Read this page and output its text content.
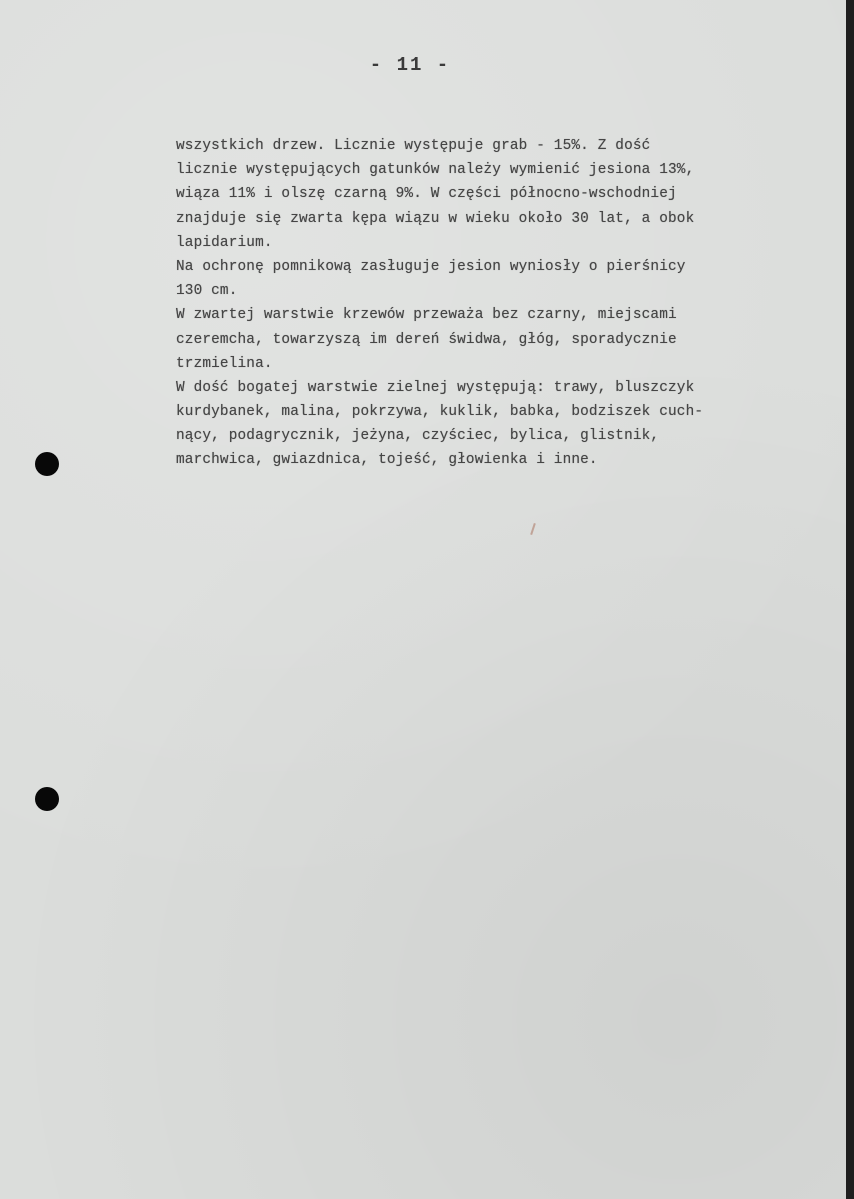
- 11 -
wszystkich drzew. Licznie występuje grab - 15%. Z dość
licznie występujących gatunków należy wymienić jesiona 13%,
wiąza 11% i olszę czarną 9%. W części północno-wschodniej
znajduje się zwarta kępa wiązu w wieku około 30 lat, a obok
lapidarium.
Na ochronę pomnikową zasługuje jesion wyniosły o pierśnicy
130 cm.
W zwartej warstwie krzewów przeważa bez czarny, miejscami
czeremcha, towarzyszą im dereń świdwa, głóg, sporadycznie
trzmielina.
W dość bogatej warstwie zielnej występują: trawy, bluszczyk
kurdybanek, malina, pokrzywa, kuklik, babka, bodziszek cuch-
nący, podagrycznik, jeżyna, czyściec, bylica, glistnik,
marchwica, gwiazdnica, tojeść, głowienka i inne.
